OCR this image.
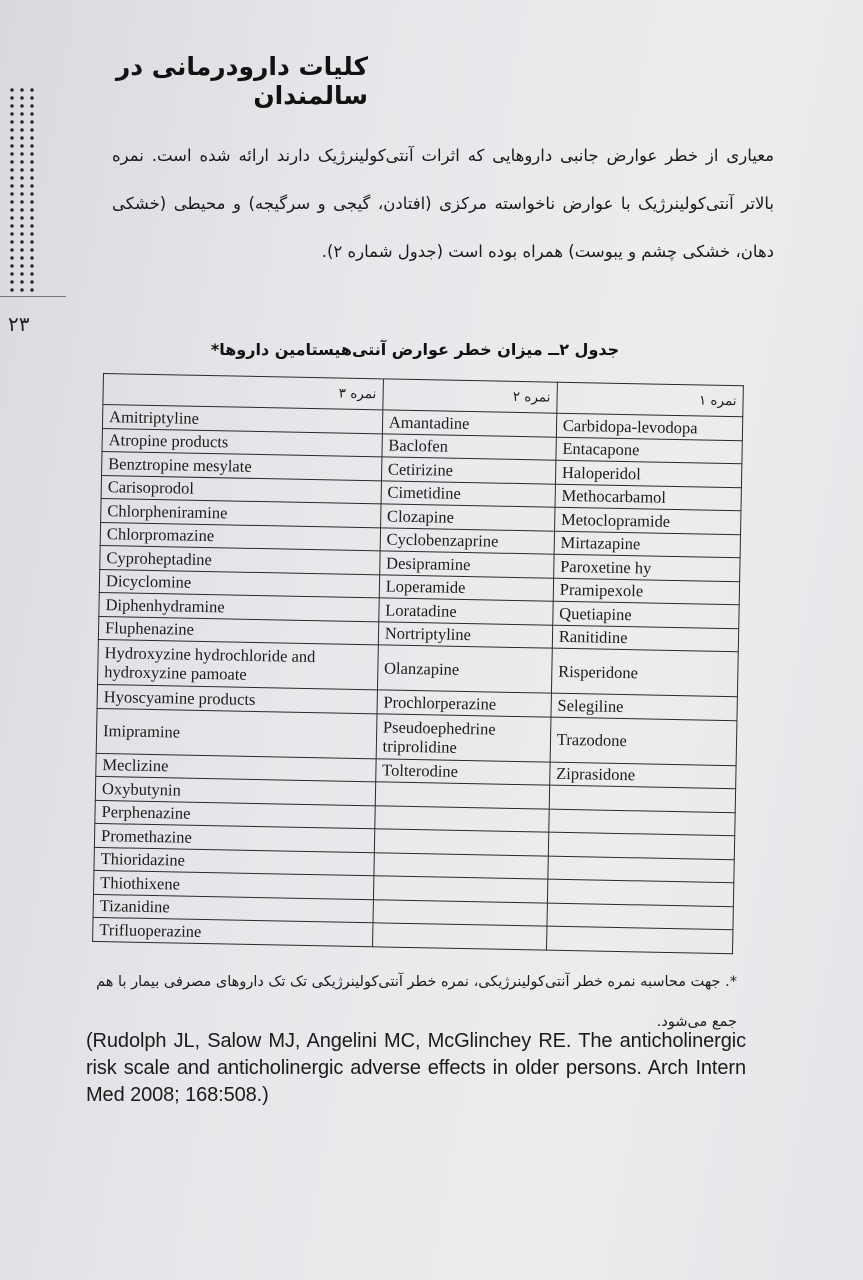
کلیات دارودرمانی در سالمندان
۲۳

معیاری از خطر عوارض جانبی داروهایی که اثرات آنتی‌کولینرژیک دارند ارائه شده است. نمره بالاتر آنتی‌کولینرژیک با عوارض ناخواسته مرکزی (افتادن، گیجی و سرگیجه) و محیطی (خشکی دهان، خشکی چشم و یبوست) همراه بوده است (جدول شماره ۲).

جدول ۲ــ میزان خطر عوارض آنتی‌هیستامین داروها*
نمره ۳	نمره ۲	نمره ۱
Amitriptyline	Amantadine	Carbidopa-levodopa
Atropine products	Baclofen	Entacapone
Benztropine mesylate	Cetirizine	Haloperidol
Carisoprodol	Cimetidine	Methocarbamol
Chlorpheniramine	Clozapine	Metoclopramide
Chlorpromazine	Cyclobenzaprine	Mirtazapine
Cyproheptadine	Desipramine	Paroxetine hy
Dicyclomine	Loperamide	Pramipexole
Diphenhydramine	Loratadine	Quetiapine
Fluphenazine	Nortriptyline	Ranitidine
Hydroxyzine hydrochloride and hydroxyzine pamoate	Olanzapine	Risperidone
Hyoscyamine products	Prochlorperazine	Selegiline
Imipramine	Pseudoephedrine triprolidine	Trazodone
Meclizine	Tolterodine	Ziprasidone
Oxybutynin		
Perphenazine		
Promethazine		
Thioridazine		
Thiothixene		
Tizanidine		
Trifluoperazine		
*. جهت محاسبه نمره خطر آنتی‌کولینرژیکی، نمره خطر آنتی‌کولینرژیکی تک تک داروهای مصرفی بیمار با هم جمع می‌شود.
(Rudolph JL, Salow MJ, Angelini MC, McGlinchey RE. The anticholinergic risk scale and anticholinergic adverse effects in older persons. Arch Intern Med 2008; 168:508.)
